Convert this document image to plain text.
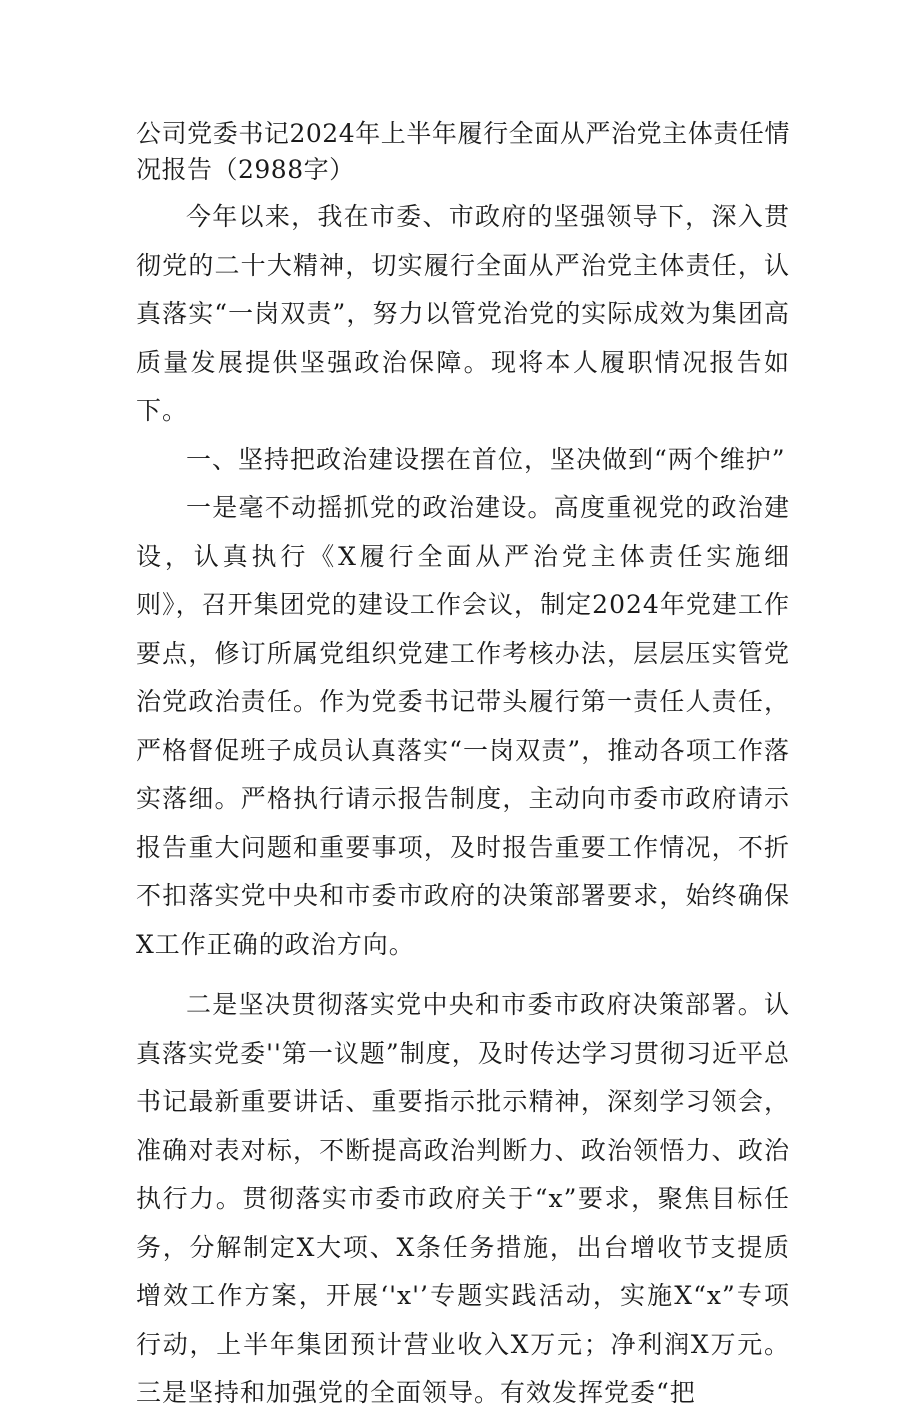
公司党委书记2024年上半年履行全面从严治党主体责任情况报告（2988字）

今年以来，我在市委、市政府的坚强领导下，深入贯彻党的二十大精神，切实履行全面从严治党主体责任，认真落实“一岗双责”，努力以管党治党的实际成效为集团高质量发展提供坚强政治保障。现将本人履职情况报告如下。

一、坚持把政治建设摆在首位，坚决做到“两个维护”

一是毫不动摇抓党的政治建设。高度重视党的政治建设，认真执行《X履行全面从严治党主体责任实施细则》，召开集团党的建设工作会议，制定2024年党建工作要点，修订所属党组织党建工作考核办法，层层压实管党治党政治责任。作为党委书记带头履行第一责任人责任，严格督促班子成员认真落实“一岗双责”，推动各项工作落实落细。严格执行请示报告制度，主动向市委市政府请示报告重大问题和重要事项，及时报告重要工作情况，不折不扣落实党中央和市委市政府的决策部署要求，始终确保X工作正确的政治方向。

二是坚决贯彻落实党中央和市委市政府决策部署。认真落实党委''第一议题”制度，及时传达学习贯彻习近平总书记最新重要讲话、重要指示批示精神，深刻学习领会，准确对表对标，不断提高政治判断力、政治领悟力、政治执行力。贯彻落实市委市政府关于“x”要求，聚焦目标任务，分解制定X大项、X条任务措施，出台增收节支提质增效工作方案，开展‘'x'’专题实践活动，实施X“x”专项行动，上半年集团预计营业收入X万元；净利润X万元。三是坚持和加强党的全面领导。有效发挥党委“把
